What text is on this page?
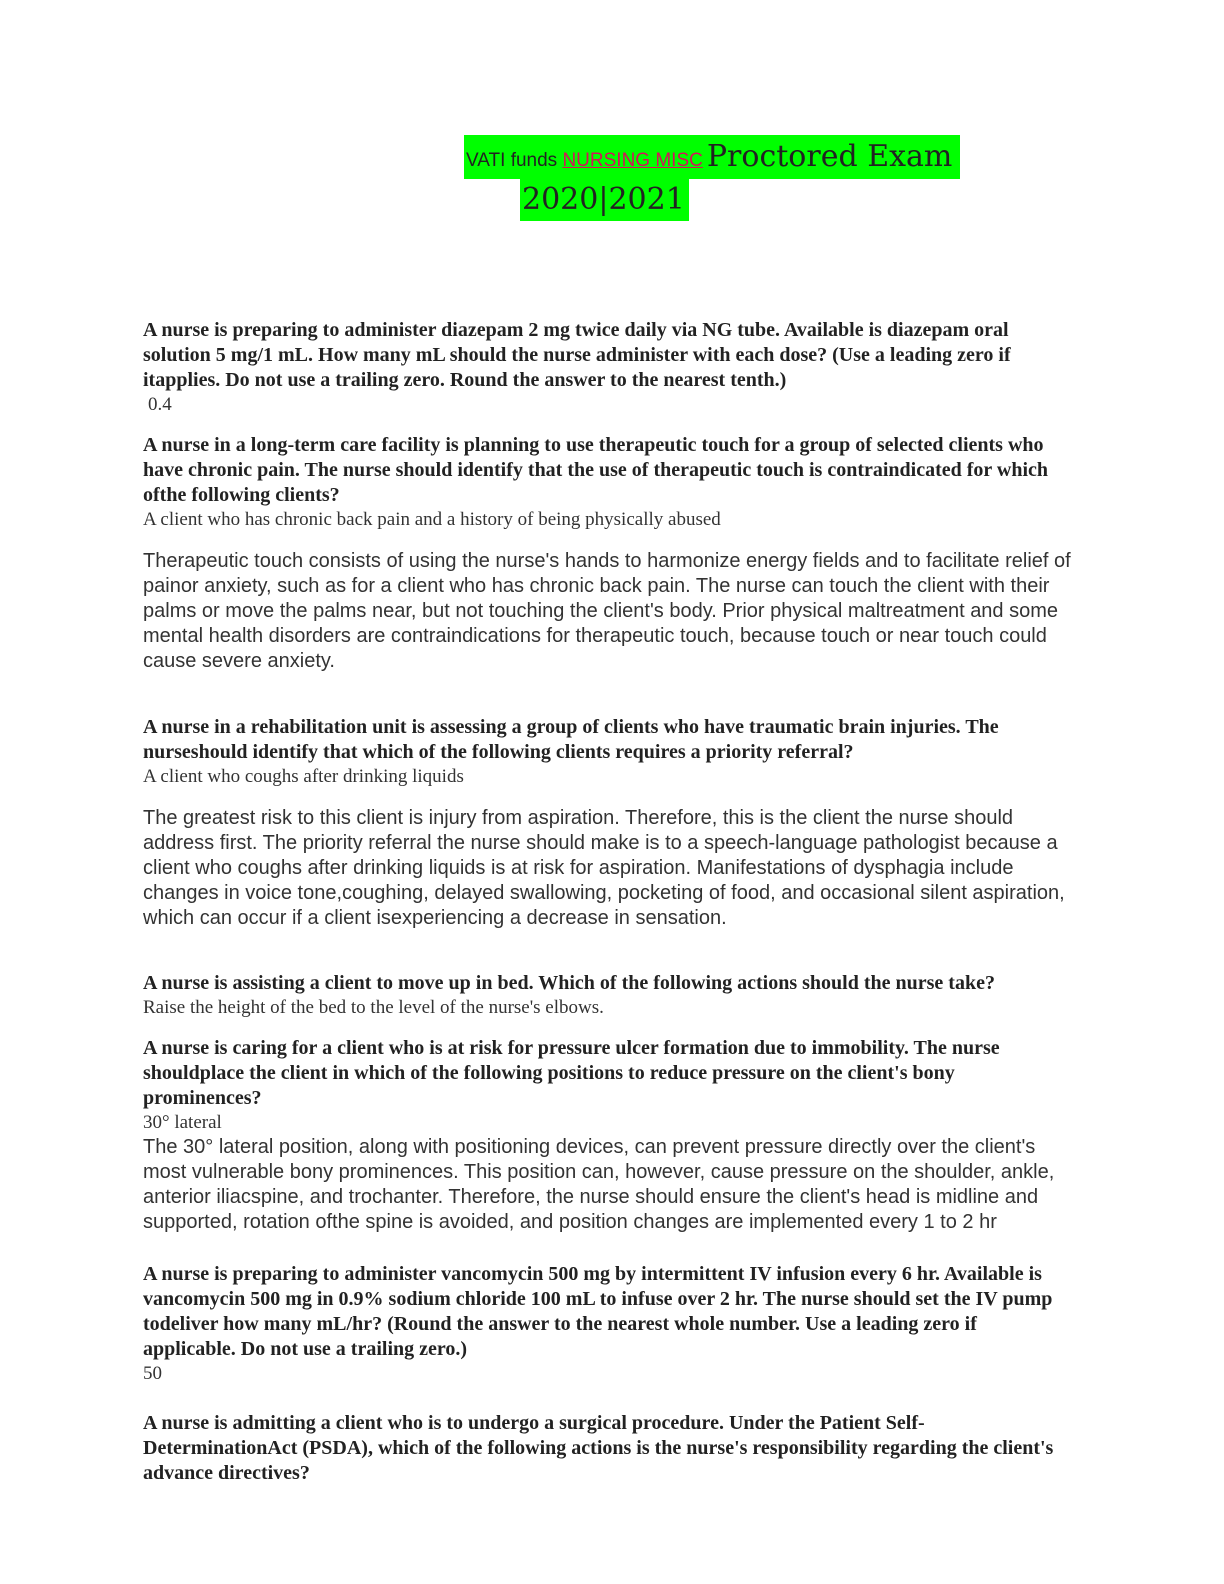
VATI funds NURSING MISC Proctored Exam
2020|2021

A nurse is preparing to administer diazepam 2 mg twice daily via NG tube. Available is diazepam oral solution 5 mg/1 mL. How many mL should the nurse administer with each dose? (Use a leading zero if itapplies. Do not use a trailing zero. Round the answer to the nearest tenth.)

0.4

A nurse in a long-term care facility is planning to use therapeutic touch for a group of selected clients who have chronic pain. The nurse should identify that the use of therapeutic touch is contraindicated for which ofthe following clients?

A client who has chronic back pain and a history of being physically abused

Therapeutic touch consists of using the nurse's hands to harmonize energy fields and to facilitate relief of painor anxiety, such as for a client who has chronic back pain. The nurse can touch the client with their palms or move the palms near, but not touching the client's body. Prior physical maltreatment and some mental health disorders are contraindications for therapeutic touch, because touch or near touch could cause severe anxiety.

A nurse in a rehabilitation unit is assessing a group of clients who have traumatic brain injuries. The nurseshould identify that which of the following clients requires a priority referral?

A client who coughs after drinking liquids

The greatest risk to this client is injury from aspiration. Therefore, this is the client the nurse should address first. The priority referral the nurse should make is to a speech-language pathologist because a client who coughs after drinking liquids is at risk for aspiration. Manifestations of dysphagia include changes in voice tone,coughing, delayed swallowing, pocketing of food, and occasional silent aspiration, which can occur if a client isexperiencing a decrease in sensation.

A nurse is assisting a client to move up in bed. Which of the following actions should the nurse take?

Raise the height of the bed to the level of the nurse's elbows.

A nurse is caring for a client who is at risk for pressure ulcer formation due to immobility. The nurse shouldplace the client in which of the following positions to reduce pressure on the client's bony prominences?

30° lateral

The 30° lateral position, along with positioning devices, can prevent pressure directly over the client's most vulnerable bony prominences. This position can, however, cause pressure on the shoulder, ankle, anterior iliacspine, and trochanter. Therefore, the nurse should ensure the client's head is midline and supported, rotation ofthe spine is avoided, and position changes are implemented every 1 to 2 hr

A nurse is preparing to administer vancomycin 500 mg by intermittent IV infusion every 6 hr. Available is vancomycin 500 mg in 0.9% sodium chloride 100 mL to infuse over 2 hr. The nurse should set the IV pump todeliver how many mL/hr? (Round the answer to the nearest whole number. Use a leading zero if applicable. Do not use a trailing zero.)

50

A nurse is admitting a client who is to undergo a surgical procedure. Under the Patient Self-DeterminationAct (PSDA), which of the following actions is the nurse's responsibility regarding the client's advance directives?
